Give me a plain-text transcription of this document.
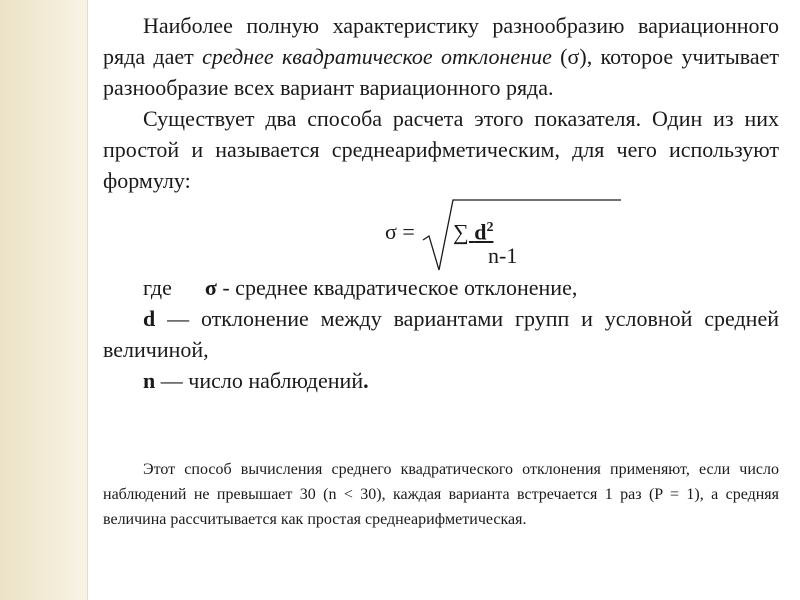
Наиболее полную характеристику разнообразию вариационного ряда дает среднее квадратическое отклонение (σ), которое учитывает разнообразие всех вариант вариационного ряда.

Существует два способа расчета этого показателя. Один из них простой и называется среднеарифметическим, для чего используют формулу:

σ = ∑ $d^2$
n-1

где σ - среднее квадратическое отклонение,

d — отклонение между вариантами групп и условной средней величиной,

n — число наблюдений.

Этот способ вычисления среднего квадратического отклонения применяют, если число наблюдений не превышает 30 (n < 30), каждая варианта встречается 1 раз (P = 1), а средняя величина рассчитывается как простая среднеарифметическая.
